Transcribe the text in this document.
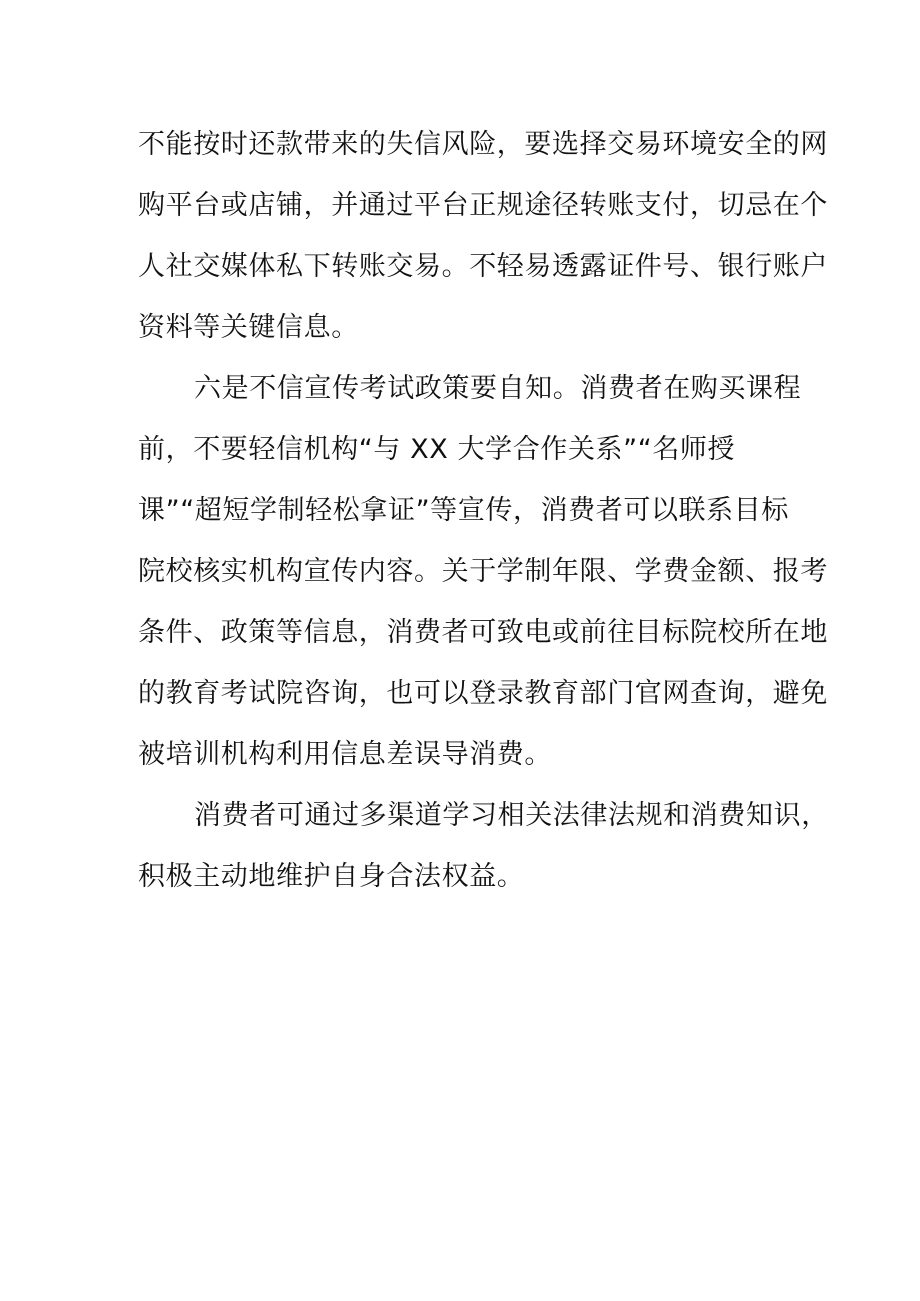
不能按时还款带来的失信风险，要选择交易环境安全的网
购平台或店铺，并通过平台正规途径转账支付，切忌在个
人社交媒体私下转账交易。不轻易透露证件号、银行账户
资料等关键信息。
六是不信宣传考试政策要自知。消费者在购买课程
前，不要轻信机构“与 XX 大学合作关系”“名师授
课”“超短学制轻松拿证”等宣传，消费者可以联系目标
院校核实机构宣传内容。关于学制年限、学费金额、报考
条件、政策等信息，消费者可致电或前往目标院校所在地
的教育考试院咨询，也可以登录教育部门官网查询，避免
被培训机构利用信息差误导消费。
消费者可通过多渠道学习相关法律法规和消费知识，
积极主动地维护自身合法权益。
